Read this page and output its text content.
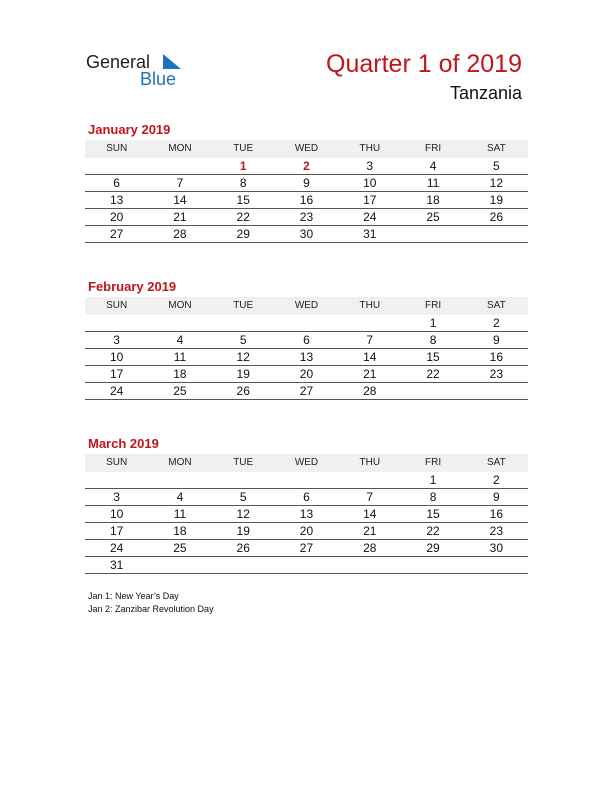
General
Blue
Quarter 1 of 2019
Tanzania
January 2019
SUN	MON	TUE	WED	THU	FRI	SAT
		1	2	3	4	5
6	7	8	9	10	11	12
13	14	15	16	17	18	19
20	21	22	23	24	25	26
27	28	29	30	31		
February 2019
SUN	MON	TUE	WED	THU	FRI	SAT
					1	2
3	4	5	6	7	8	9
10	11	12	13	14	15	16
17	18	19	20	21	22	23
24	25	26	27	28		
March 2019
SUN	MON	TUE	WED	THU	FRI	SAT
					1	2
3	4	5	6	7	8	9
10	11	12	13	14	15	16
17	18	19	20	21	22	23
24	25	26	27	28	29	30
31						
Jan 1: New Year’s Day
Jan 2: Zanzibar Revolution Day
